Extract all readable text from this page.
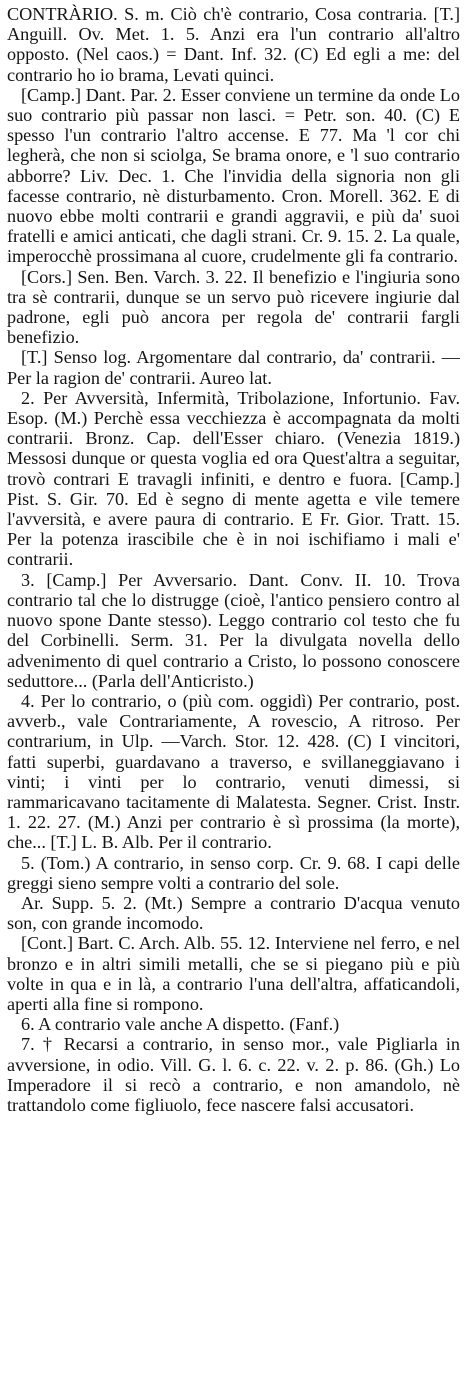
CONTRÀRIO. S. m. Ciò ch'è contrario, Cosa contraria. [T.] Anguill. Ov. Met. 1. 5. Anzi era l'un contrario all'altro opposto. (Nel caos.) = Dant. Inf. 32. (C) Ed egli a me: del contrario ho io brama, Levati quinci.
[Camp.] Dant. Par. 2. Esser conviene un termine da onde Lo suo contrario più passar non lasci. = Petr. son. 40. (C) E spesso l'un contrario l'altro accense. E 77. Ma 'l cor chi legherà, che non si sciolga, Se brama onore, e 'l suo contrario abborre? Liv. Dec. 1. Che l'invidia della signoria non gli facesse contrario, nè disturbamento. Cron. Morell. 362. E di nuovo ebbe molti contrarii e grandi aggravii, e più da' suoi fratelli e amici anticati, che dagli strani. Cr. 9. 15. 2. La quale, imperocchè prossimana al cuore, crudelmente gli fa contrario.
[Cors.] Sen. Ben. Varch. 3. 22. Il benefizio e l'ingiuria sono tra sè contrarii, dunque se un servo può ricevere ingiurie dal padrone, egli può ancora per regola de' contrarii fargli benefizio.
[T.] Senso log. Argomentare dal contrario, da' contrarii. — Per la ragion de' contrarii. Aureo lat.
2. Per Avversità, Infermità, Tribolazione, Infortunio. Fav. Esop. (M.) Perchè essa vecchiezza è accompagnata da molti contrarii. Bronz. Cap. dell'Esser chiaro. (Venezia 1819.) Messosi dunque or questa voglia ed ora Quest'altra a seguitar, trovò contrari E travagli infiniti, e dentro e fuora. [Camp.] Pist. S. Gir. 70. Ed è segno di mente agetta e vile temere l'avversità, e avere paura di contrario. E Fr. Gior. Tratt. 15. Per la potenza irascibile che è in noi ischifiamo i mali e' contrarii.
3. [Camp.] Per Avversario. Dant. Conv. II. 10. Trova contrario tal che lo distrugge (cioè, l'antico pensiero contro al nuovo spone Dante stesso). Leggo contrario col testo che fu del Corbinelli. Serm. 31. Per la divulgata novella dello advenimento di quel contrario a Cristo, lo possono conoscere seduttore... (Parla dell'Anticristo.)
4. Per lo contrario, o (più com. oggidì) Per contrario, post. avverb., vale Contrariamente, A rovescio, A ritroso. Per contrarium, in Ulp. —Varch. Stor. 12. 428. (C) I vincitori, fatti superbi, guardavano a traverso, e svillaneggiavano i vinti; i vinti per lo contrario, venuti dimessi, si rammaricavano tacitamente di Malatesta. Segner. Crist. Instr. 1. 22. 27. (M.) Anzi per contrario è sì prossima (la morte), che... [T.] L. B. Alb. Per il contrario.
5. (Tom.) A contrario, in senso corp. Cr. 9. 68. I capi delle greggi sieno sempre volti a contrario del sole.
Ar. Supp. 5. 2. (Mt.) Sempre a contrario D'acqua venuto son, con grande incomodo.
[Cont.] Bart. C. Arch. Alb. 55. 12. Interviene nel ferro, e nel bronzo e in altri simili metalli, che se si piegano più e più volte in qua e in là, a contrario l'una dell'altra, affaticandoli, aperti alla fine si rompono.
6. A contrario vale anche A dispetto. (Fanf.)
7. † Recarsi a contrario, in senso mor., vale Pigliarla in avversione, in odio. Vill. G. l. 6. c. 22. v. 2. p. 86. (Gh.) Lo Imperadore il si recò a contrario, e non amandolo, nè trattandolo come figliuolo, fece nascere falsi accusatori.
